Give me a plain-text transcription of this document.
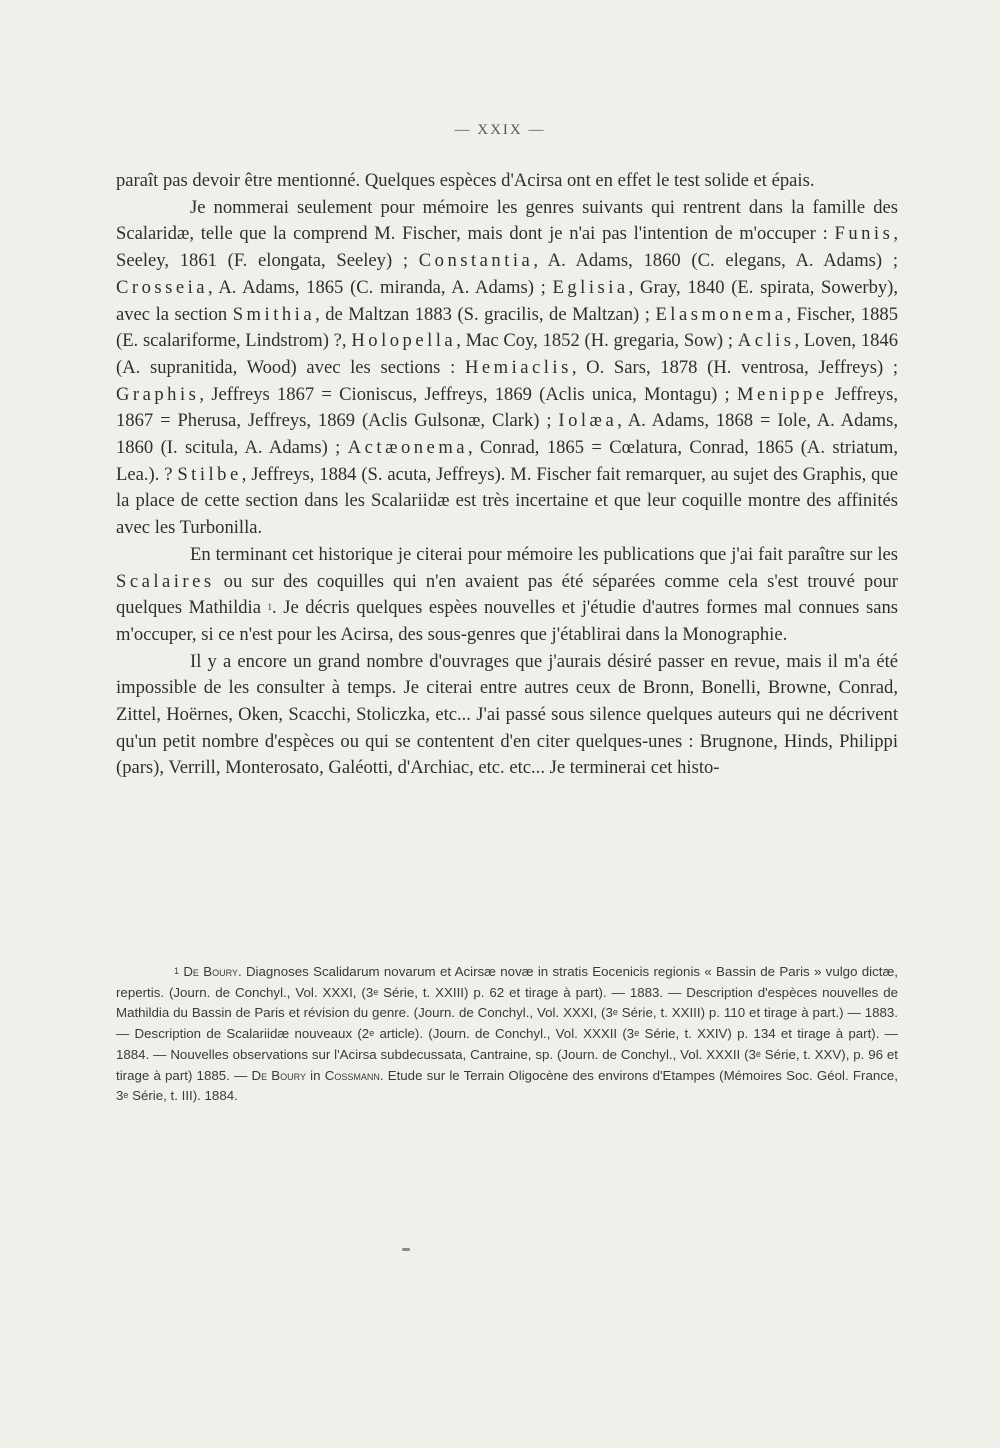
— XXIX —

paraît pas devoir être mentionné. Quelques espèces d'Acirsa ont en effet le test solide et épais.

Je nommerai seulement pour mémoire les genres suivants qui rentrent dans la famille des Scalaridæ, telle que la comprend M. Fischer, mais dont je n'ai pas l'intention de m'occuper : Funis, Seeley, 1861 (F. elongata, Seeley) ; Constantia, A. Adams, 1860 (C. elegans, A. Adams) ; Crosseia, A. Adams, 1865 (C. miranda, A. Adams) ; Eglisia, Gray, 1840 (E. spirata, Sowerby), avec la section Smithia, de Maltzan 1883 (S. gracilis, de Maltzan) ; Elasmonema, Fischer, 1885 (E. scalariforme, Lindstrom) ?, Holopella, Mac Coy, 1852 (H. gregaria, Sow) ; Aclis, Loven, 1846 (A. supranitida, Wood) avec les sections : Hemiaclis, O. Sars, 1878 (H. ventrosa, Jeffreys) ; Graphis, Jeffreys 1867 = Cioniscus, Jeffreys, 1869 (Aclis unica, Montagu) ; Menippe Jeffreys, 1867 = Pherusa, Jeffreys, 1869 (Aclis Gulsonæ, Clark) ; Iolæa, A. Adams, 1868 = Iole, A. Adams, 1860 (I. scitula, A. Adams) ; Actæonema, Conrad, 1865 = Cœlatura, Conrad, 1865 (A. striatum, Lea.). ? Stilbe, Jeffreys, 1884 (S. acuta, Jeffreys). M. Fischer fait remarquer, au sujet des Graphis, que la place de cette section dans les Scalariidæ est très incertaine et que leur coquille montre des affinités avec les Turbonilla.

En terminant cet historique je citerai pour mémoire les publications que j'ai fait paraître sur les Scalaires ou sur des coquilles qui n'en avaient pas été séparées comme cela s'est trouvé pour quelques Mathildia $^1$. Je décris quelques espèes nouvelles et j'étudie d'autres formes mal connues sans m'occuper, si ce n'est pour les Acirsa, des sous-genres que j'établirai dans la Monographie.

Il y a encore un grand nombre d'ouvrages que j'aurais désiré passer en revue, mais il m'a été impossible de les consulter à temps. Je citerai entre autres ceux de Bronn, Bonelli, Browne, Conrad, Zittel, Hoërnes, Oken, Scacchi, Stoliczka, etc... J'ai passé sous silence quelques auteurs qui ne décrivent qu'un petit nombre d'espèces ou qui se contentent d'en citer quelques-unes : Brugnone, Hinds, Philippi (pars), Verrill, Monterosato, Galéotti, d'Archiac, etc. etc... Je terminerai cet histo-

$^1$ De Boury. Diagnoses Scalidarum novarum et Acirsæ novæ in stratis Eocenicis regionis « Bassin de Paris » vulgo dictæ, repertis. (Journ. de Conchyl., Vol. XXXI, (3e Série, t. XXIII) p. 62 et tirage à part). — 1883. — Description d'espèces nouvelles de Mathildia du Bassin de Paris et révision du genre. (Journ. de Conchyl., Vol. XXXI, (3e Série, t. XXIII) p. 110 et tirage à part.) — 1883. — Description de Scalariidæ nouveaux (2e article). (Journ. de Conchyl., Vol. XXXII (3e Série, t. XXIV) p. 134 et tirage à part). — 1884. — Nouvelles observations sur l'Acirsa subdecussata, Cantraine, sp. (Journ. de Conchyl., Vol. XXXII (3e Série, t. XXV), p. 96 et tirage à part) 1885. — De Boury in Cossmann. Etude sur le Terrain Oligocène des environs d'Etampes (Mémoires Soc. Géol. France, 3e Série, t. III). 1884.
